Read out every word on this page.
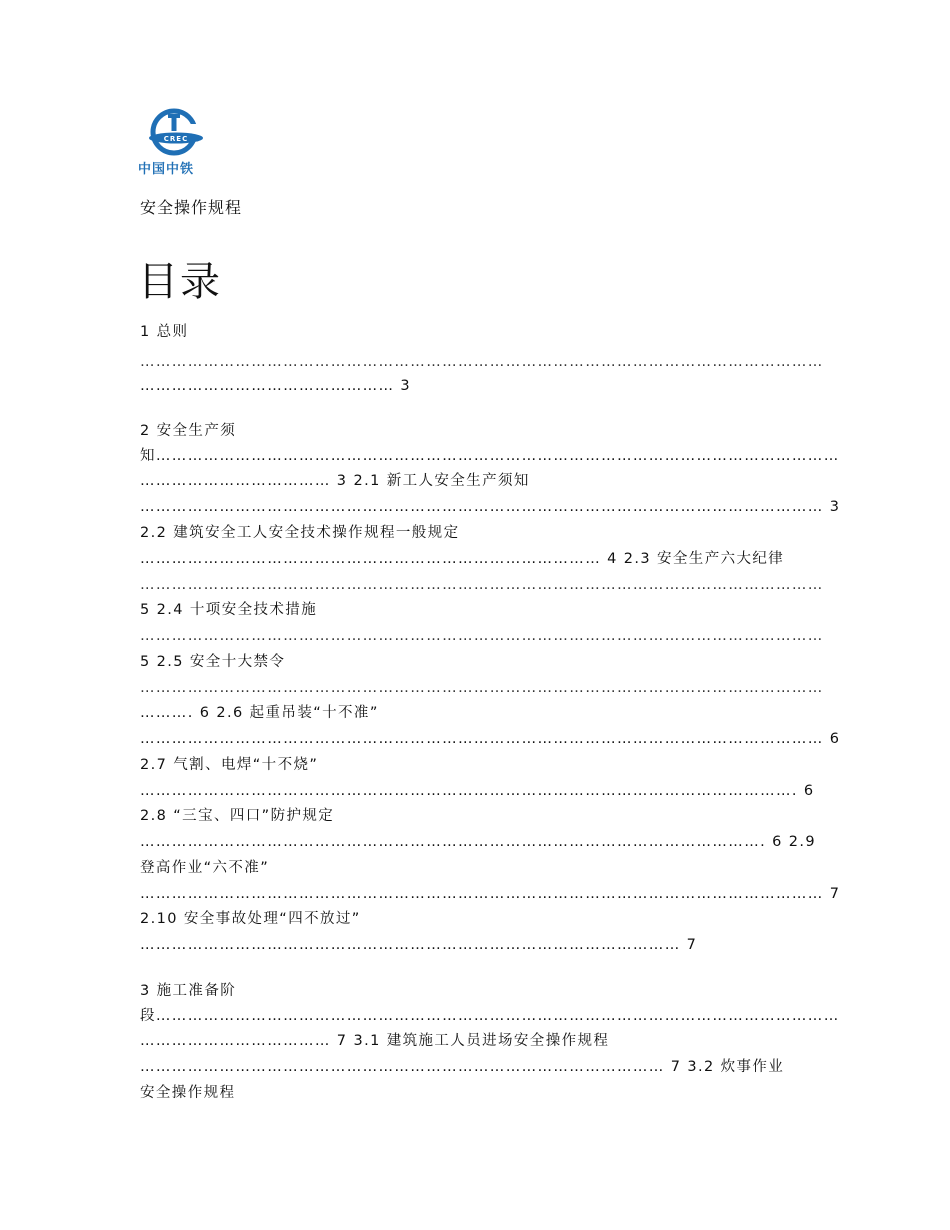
CREC
中国中铁
安全操作规程
目录
1 总则
…………………………………………………………………………………………………………………
………………………………………… 3
2 安全生产须
知…………………………………………………………………………………………………………………
……………………………… 3 2.1 新工人安全生产须知
………………………………………………………………………………………………………………… 3
2.2 建筑安全工人安全技术操作规程一般规定
…………………………………………………………………………… 4 2.3 安全生产六大纪律
…………………………………………………………………………………………………………………
5 2.4 十项安全技术措施
…………………………………………………………………………………………………………………
5 2.5 安全十大禁令
…………………………………………………………………………………………………………………
………. 6 2.6 起重吊装“十不准”
………………………………………………………………………………………………………………… 6
2.7 气割、电焊“十不烧”
……………………………………………………………………………………………………………. 6
2.8 “三宝、四口”防护规定
………………………………………………………………………………………………………. 6 2.9
登高作业“六不准”
………………………………………………………………………………………………………………… 7
2.10 安全事故处理“四不放过”
………………………………………………………………………………………… 7
3 施工准备阶
段…………………………………………………………………………………………………………………
……………………………… 7 3.1 建筑施工人员进场安全操作规程
……………………………………………………………………………………… 7 3.2 炊事作业
安全操作规程
